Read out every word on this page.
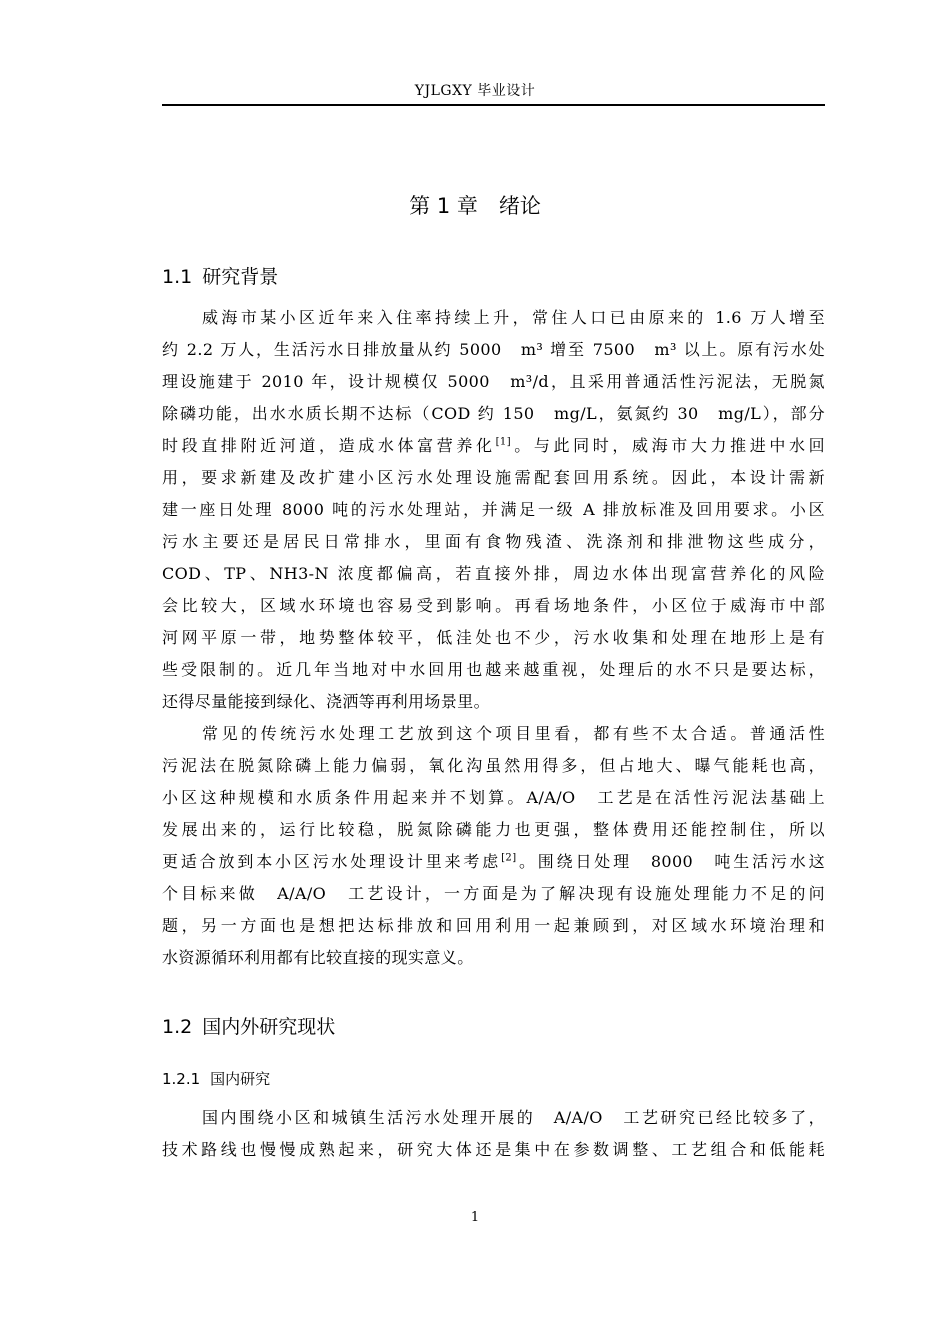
YJLGXY 毕业设计
第 1 章　绪论
1.1 研究背景
威海市某小区近年来入住率持续上升，常住人口已由原来的 1.6 万人增至
约 2.2 万人，生活污水日排放量从约 5000　m³ 增至 7500　m³ 以上。原有污水处
理设施建于 2010 年，设计规模仅 5000　m³/d，且采用普通活性污泥法，无脱氮
除磷功能，出水水质长期不达标（COD 约 150　mg/L，氨氮约 30　mg/L），部分
时段直排附近河道，造成水体富营养化[1]。与此同时，威海市大力推进中水回
用，要求新建及改扩建小区污水处理设施需配套回用系统。因此，本设计需新
建一座日处理 8000 吨的污水处理站，并满足一级 A 排放标准及回用要求。小区
污水主要还是居民日常排水，里面有食物残渣、洗涤剂和排泄物这些成分，
COD、TP、NH3-N 浓度都偏高，若直接外排，周边水体出现富营养化的风险
会比较大，区域水环境也容易受到影响。再看场地条件，小区位于威海市中部
河网平原一带，地势整体较平，低洼处也不少，污水收集和处理在地形上是有
些受限制的。近几年当地对中水回用也越来越重视，处理后的水不只是要达标，
还得尽量能接到绿化、浇洒等再利用场景里。
常见的传统污水处理工艺放到这个项目里看，都有些不太合适。普通活性
污泥法在脱氮除磷上能力偏弱，氧化沟虽然用得多，但占地大、曝气能耗也高，
小区这种规模和水质条件用起来并不划算。A/A/O　工艺是在活性污泥法基础上
发展出来的，运行比较稳，脱氮除磷能力也更强，整体费用还能控制住，所以
更适合放到本小区污水处理设计里来考虑[2]。围绕日处理　8000　吨生活污水这
个目标来做　A/A/O　工艺设计，一方面是为了解决现有设施处理能力不足的问
题，另一方面也是想把达标排放和回用利用一起兼顾到，对区域水环境治理和
水资源循环利用都有比较直接的现实意义。
1.2 国内外研究现状
1.2.1 国内研究
国内围绕小区和城镇生活污水处理开展的　A/A/O　工艺研究已经比较多了，
技术路线也慢慢成熟起来，研究大体还是集中在参数调整、工艺组合和低能耗
1
